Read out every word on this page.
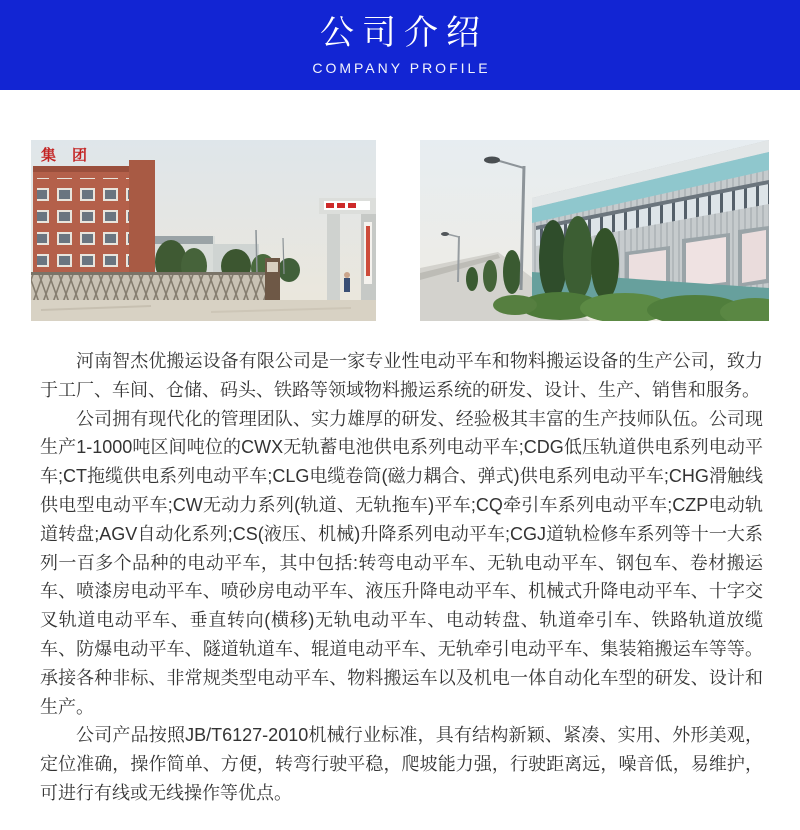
公司介绍
COMPANY PROFILE
集团

河南智杰优搬运设备有限公司是一家专业性电动平车和物料搬运设备的生产公司，致力于工厂、车间、仓储、码头、铁路等领域物料搬运系统的研发、设计、生产、销售和服务。

公司拥有现代化的管理团队、实力雄厚的研发、经验极其丰富的生产技师队伍。公司现生产1-1000吨区间吨位的CWX无轨蓄电池供电系列电动平车;CDG低压轨道供电系列电动平车;CT拖缆供电系列电动平车;CLG电缆卷筒(磁力耦合、弹式)供电系列电动平车;CHG滑触线供电型电动平车;CW无动力系列(轨道、无轨拖车)平车;CQ牵引车系列电动平车;CZP电动轨道转盘;AGV自动化系列;CS(液压、机械)升降系列电动平车;CGJ道轨检修车系列等十一大系列一百多个品种的电动平车，其中包括:转弯电动平车、无轨电动平车、钢包车、卷材搬运车、喷漆房电动平车、喷砂房电动平车、液压升降电动平车、机械式升降电动平车、十字交叉轨道电动平车、垂直转向(横移)无轨电动平车、电动转盘、轨道牵引车、铁路轨道放缆车、防爆电动平车、隧道轨道车、辊道电动平车、无轨牵引电动平车、集装箱搬运车等等。承接各种非标、非常规类型电动平车、物料搬运车以及机电一体自动化车型的研发、设计和生产。

公司产品按照JB/T6127-2010机械行业标准，具有结构新颖、紧凑、实用、外形美观，定位准确，操作简单、方便，转弯行驶平稳，爬坡能力强，行驶距离远，噪音低，易维护，可进行有线或无线操作等优点。
